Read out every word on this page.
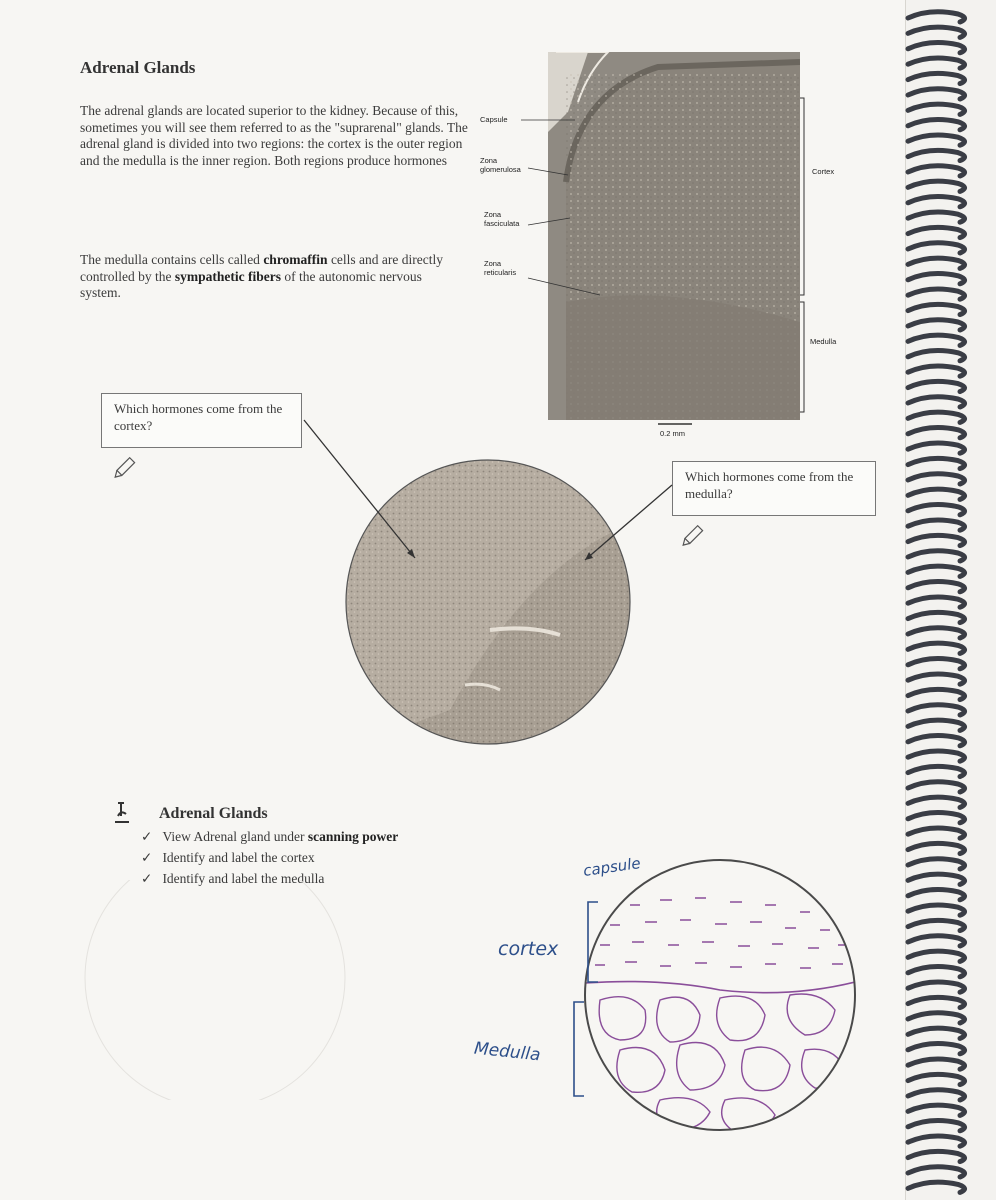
Adrenal Glands
The adrenal glands are located superior to the kidney. Because of this, sometimes you will see them referred to as the "suprarenal" glands. The adrenal gland is divided into two regions: the cortex is the outer region and the medulla is the inner region. Both regions produce hormones
The medulla contains cells called chromaffin cells and are directly controlled by the sympathetic fibers of the autonomic nervous system.
Capsule
Zona glomerulosa
Zona fasciculata
Zona reticularis
Cortex
Medulla
0.2 mm
Which hormones come from the cortex?
Which hormones come from the medulla?
Adrenal Glands
✓   View Adrenal gland under scanning power
✓   Identify and label the cortex
✓   Identify and label the medulla	capsule
cortex
Medulla
